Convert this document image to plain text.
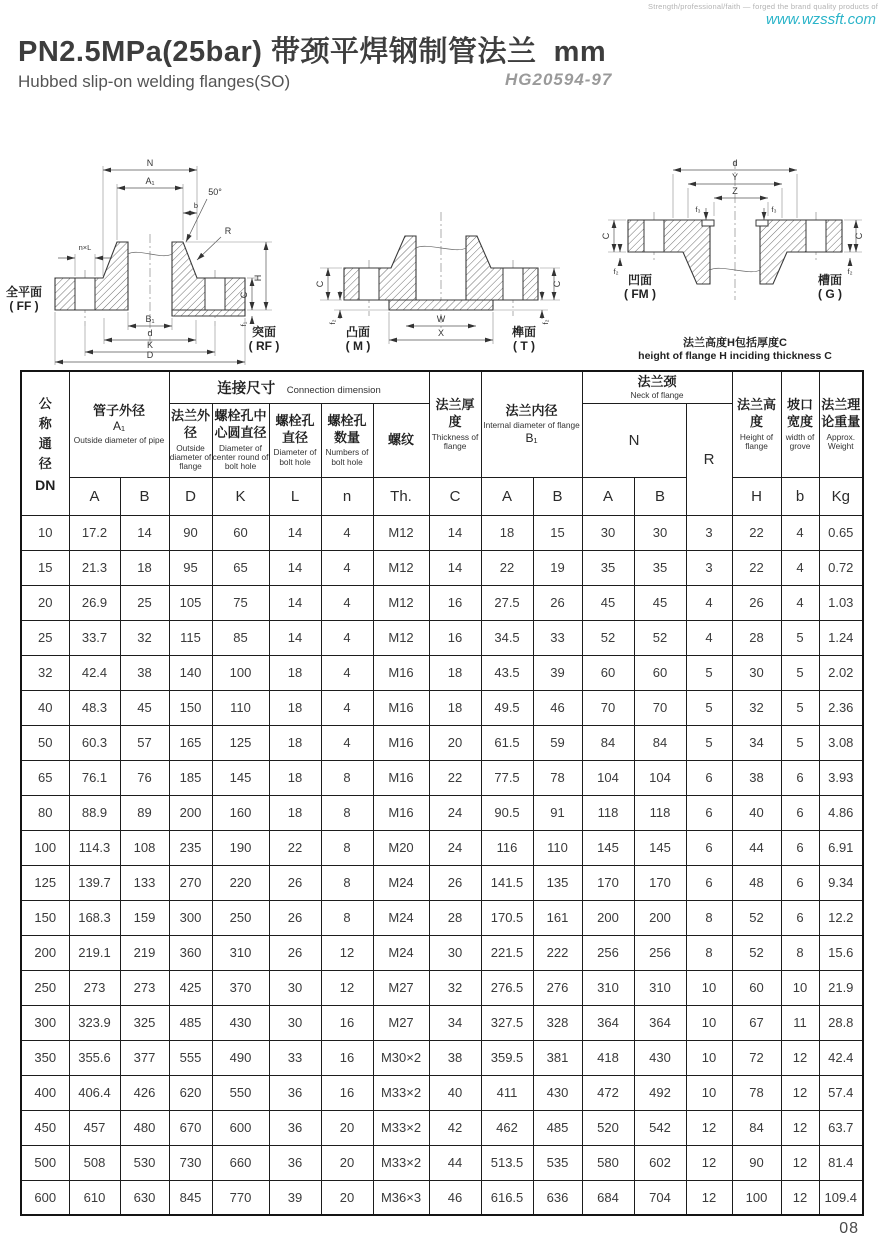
Strength/professional/faith — forged the brand quality products of
www.wzssft.com
PN2.5MPa(25bar) 带颈平焊钢制管法兰  mm
Hubbed slip-on welding flanges(SO)	HG20594-97
N
A₁
50°
b
R
n×L
H
C
f₁
B₁
d
K
D
全平面
( FF )
突面
( RF )
C
f₂
C
f₂
W
X
凸面
( M )
榫面
( T )
d
Y
Z
f₃	f₃
C
f₂
C
f₂
凹面
( FM )
槽面
( G )
法兰高度H包括厚度C
height of flange H inciding thickness C
公称通径
DN

管子外径
A₁
Outside diameter of pipe
	连接尺寸 Connection dimension	
法兰厚度
Thickness of flange

法兰内径
Internal diameter of flange
B₁

法兰颈
Neck of flange

法兰高度
Height of flange

坡口宽度
width of grove

法兰理论重量
Approx. Weight

法兰外径
Outside diameter of flange

螺栓孔中心圆直径
Diameter of center round of bolt hole

螺栓孔直径
Diameter of bolt hole

螺栓孔数量
Numbers of bolt hole

螺纹	N	R
	A	B	D	K	L	n	Th.	C	A	B	A	B		H	b	Kg
10	17.2	14	90	60	14	4	M12	14	18	15	30	30	3	22	4	0.65
15	21.3	18	95	65	14	4	M12	14	22	19	35	35	3	22	4	0.72
20	26.9	25	105	75	14	4	M12	16	27.5	26	45	45	4	26	4	1.03
25	33.7	32	115	85	14	4	M12	16	34.5	33	52	52	4	28	5	1.24
32	42.4	38	140	100	18	4	M16	18	43.5	39	60	60	5	30	5	2.02
40	48.3	45	150	110	18	4	M16	18	49.5	46	70	70	5	32	5	2.36
50	60.3	57	165	125	18	4	M16	20	61.5	59	84	84	5	34	5	3.08
65	76.1	76	185	145	18	8	M16	22	77.5	78	104	104	6	38	6	3.93
80	88.9	89	200	160	18	8	M16	24	90.5	91	118	118	6	40	6	4.86
100	114.3	108	235	190	22	8	M20	24	116	110	145	145	6	44	6	6.91
125	139.7	133	270	220	26	8	M24	26	141.5	135	170	170	6	48	6	9.34
150	168.3	159	300	250	26	8	M24	28	170.5	161	200	200	8	52	6	12.2
200	219.1	219	360	310	26	12	M24	30	221.5	222	256	256	8	52	8	15.6
250	273	273	425	370	30	12	M27	32	276.5	276	310	310	10	60	10	21.9
300	323.9	325	485	430	30	16	M27	34	327.5	328	364	364	10	67	11	28.8
350	355.6	377	555	490	33	16	M30×2	38	359.5	381	418	430	10	72	12	42.4
400	406.4	426	620	550	36	16	M33×2	40	411	430	472	492	10	78	12	57.4
450	457	480	670	600	36	20	M33×2	42	462	485	520	542	12	84	12	63.7
500	508	530	730	660	36	20	M33×2	44	513.5	535	580	602	12	90	12	81.4
600	610	630	845	770	39	20	M36×3	46	616.5	636	684	704	12	100	12	109.4
08
